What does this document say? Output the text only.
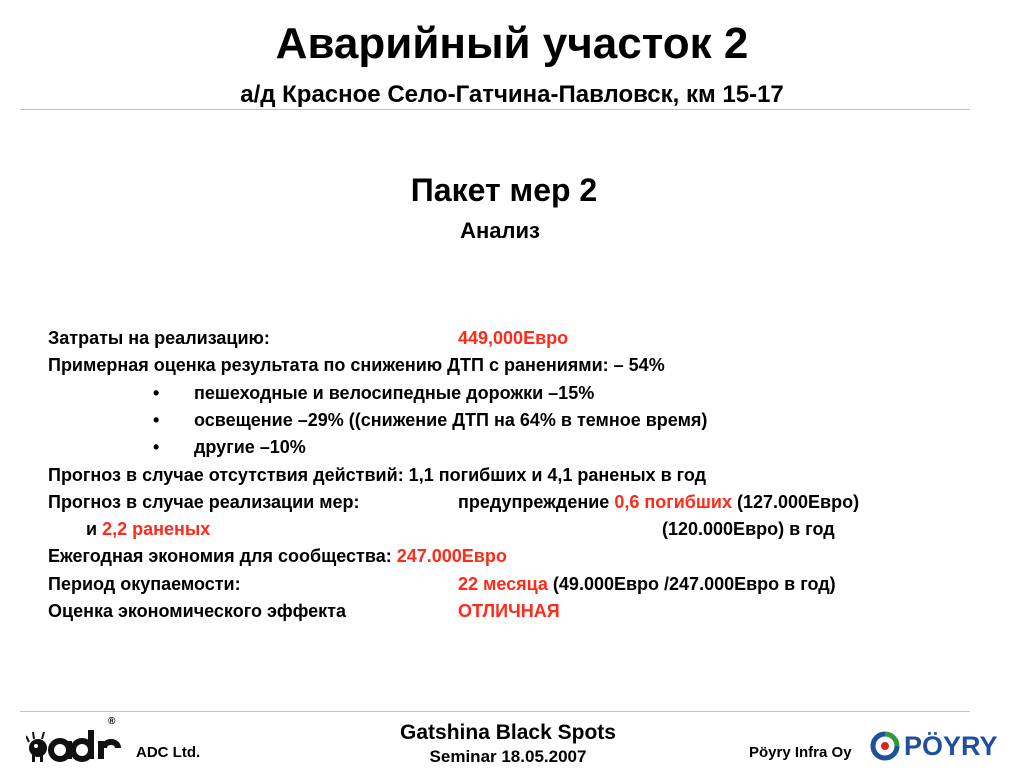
Аварийный участок 2
а/д Красное Село-Гатчина-Павловск, км 15-17
Пакет мер 2
Анализ
Затраты на реализацию:	449,000Евро
Примерная оценка результата по снижению ДТП с ранениями: – 54%
• пешеходные и велосипедные дорожки –15%
• освещение –29% ((снижение ДТП на 64% в темное время)
• другие –10%
Прогноз в случае отсутствия действий: 1,1 погибших и 4,1 раненых в год
Прогноз в случае реализации мер:	предупреждение 0,6 погибших (127.000Евро)
и 2,2 раненых	(120.000Евро) в год
Ежегодная экономия для сообщества: 247.000Евро
Период окупаемости:	22 месяца (49.000Евро /247.000Евро в год)
Оценка экономического эффекта	ОТЛИЧНАЯ
®
ADC Ltd.
Gatshina Black Spots
Seminar 18.05.2007	Pöyry Infra Oy PÖYRY
